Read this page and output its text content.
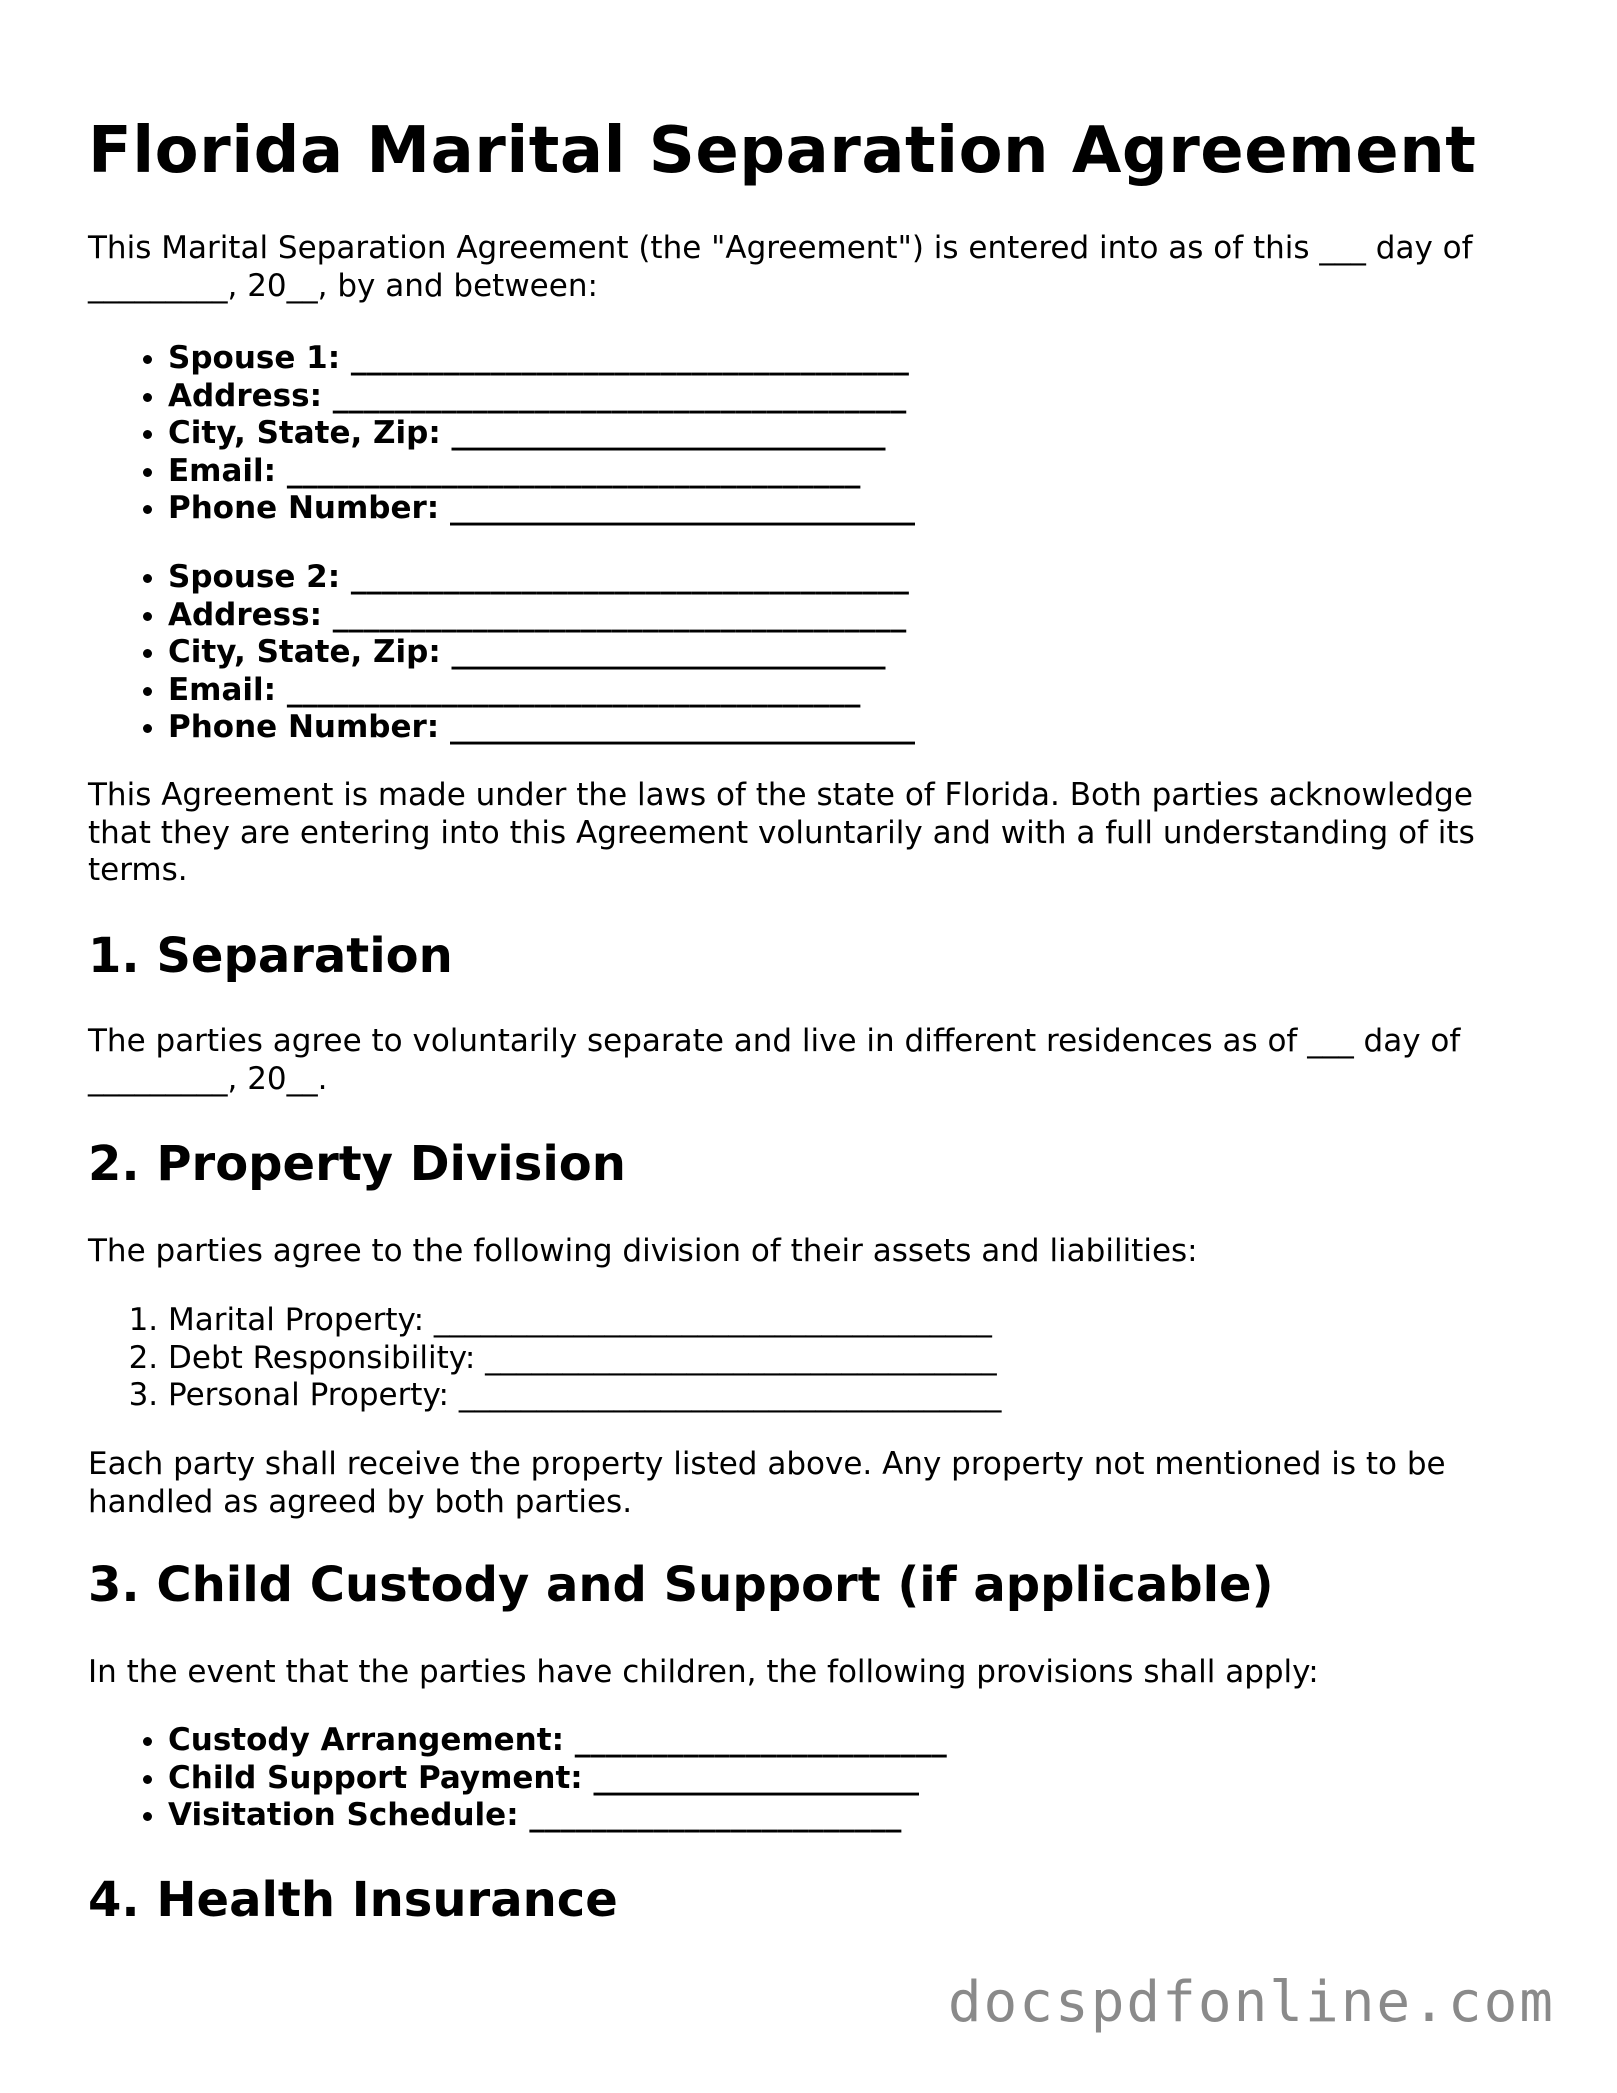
Florida Marital Separation Agreement

This Marital Separation Agreement (the "Agreement") is entered into as of this ___ day of _________, 20__, by and between:

• Spouse 1: ____________________________________
• Address: _____________________________________
• City, State, Zip: ____________________________
• Email: _____________________________________
• Phone Number: ______________________________
• Spouse 2: ____________________________________
• Address: _____________________________________
• City, State, Zip: ____________________________
• Email: _____________________________________
• Phone Number: ______________________________

This Agreement is made under the laws of the state of Florida. Both parties acknowledge that they are entering into this Agreement voluntarily and with a full understanding of its terms.

1. Separation

The parties agree to voluntarily separate and live in different residences as of ___ day of _________, 20__.

2. Property Division

The parties agree to the following division of their assets and liabilities:

1. Marital Property: ____________________________________
2. Debt Responsibility: _________________________________
3. Personal Property: ___________________________________

Each party shall receive the property listed above. Any property not mentioned is to be handled as agreed by both parties.

3. Child Custody and Support (if applicable)

In the event that the parties have children, the following provisions shall apply:

• Custody Arrangement: ________________________
• Child Support Payment: _____________________
• Visitation Schedule: ________________________
4. Health Insurance
docspdfonline.com
